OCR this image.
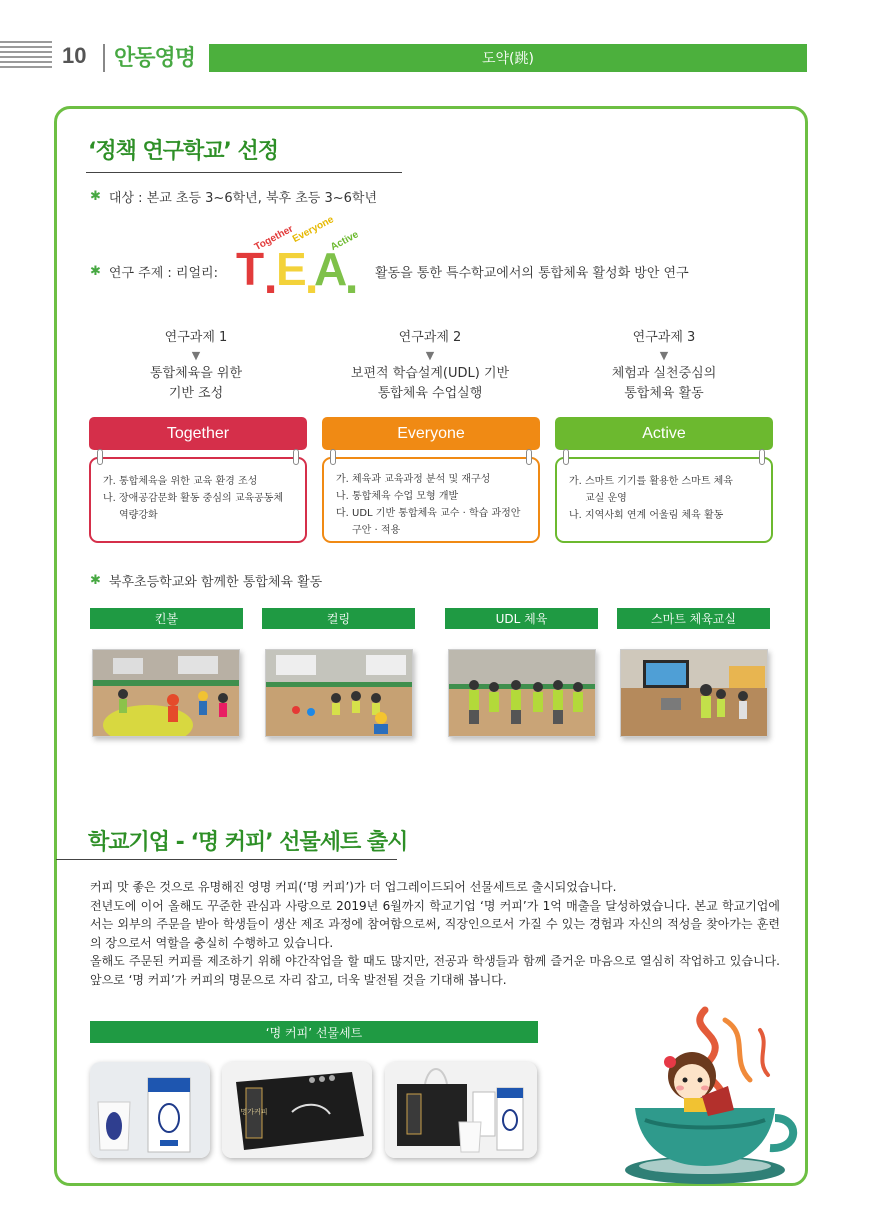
10 안동영명	도약(跳)
‘정책 연구학교’ 선정
✱ 대상 : 본교 초등 3~6학년, 북후 초등 3~6학년
✱ 연구 주제 : 리얼리:
Together
Everyone
Active
T
.
E
.
A
. 활동을 통한 특수학교에서의 통합체육 활성화 방안 연구
연구과제 1
▼
통합체육을 위한
기반 조성
연구과제 2
▼
보편적 학습설계(UDL) 기반
통합체육 수업실행
연구과제 3
▼
체험과 실천중심의
통합체육 활동
Together	Everyone	Active
가. 통합체육을 위한 교육 환경 조성
나. 장애공감문화 활동 중심의 교육공동체
역량강화
가. 체육과 교육과정 분석 및 재구성
나. 통합체육 수업 모형 개발
다. UDL 기반 통합체육 교수 · 학습 과정안
구안 · 적용
가. 스마트 기기를 활용한 스마트 체육
교실 운영
나. 지역사회 연계 어울림 체육 활동
✱ 북후초등학교와 함께한 통합체육 활동
킨볼	컬링	UDL 체육	스마트 체육교실
학교기업 - ‘명 커피’ 선물세트 출시
커피 맛 좋은 것으로 유명해진 영명 커피(‘명 커피’)가 더 업그레이드되어 선물세트로 출시되었습니다.
전년도에 이어 올해도 꾸준한 관심과 사랑으로 2019년 6월까지 학교기업 ‘명 커피’가 1억 매출을 달성하였습니다. 본교 학교기업에서는 외부의 주문을 받아 학생들이 생산 제조 과정에 참여함으로써, 직장인으로서 가질 수 있는 경험과 자신의 적성을 찾아가는 훈련의 장으로서 역할을 충실히 수행하고 있습니다.
올해도 주문된 커피를 제조하기 위해 야간작업을 할 때도 많지만, 전공과 학생들과 함께 즐거운 마음으로 열심히 작업하고 있습니다. 앞으로 ‘명 커피’가 커피의 명문으로 자리 잡고, 더욱 발전될 것을 기대해 봅니다.
‘명 커피’ 선물세트
명가커피
